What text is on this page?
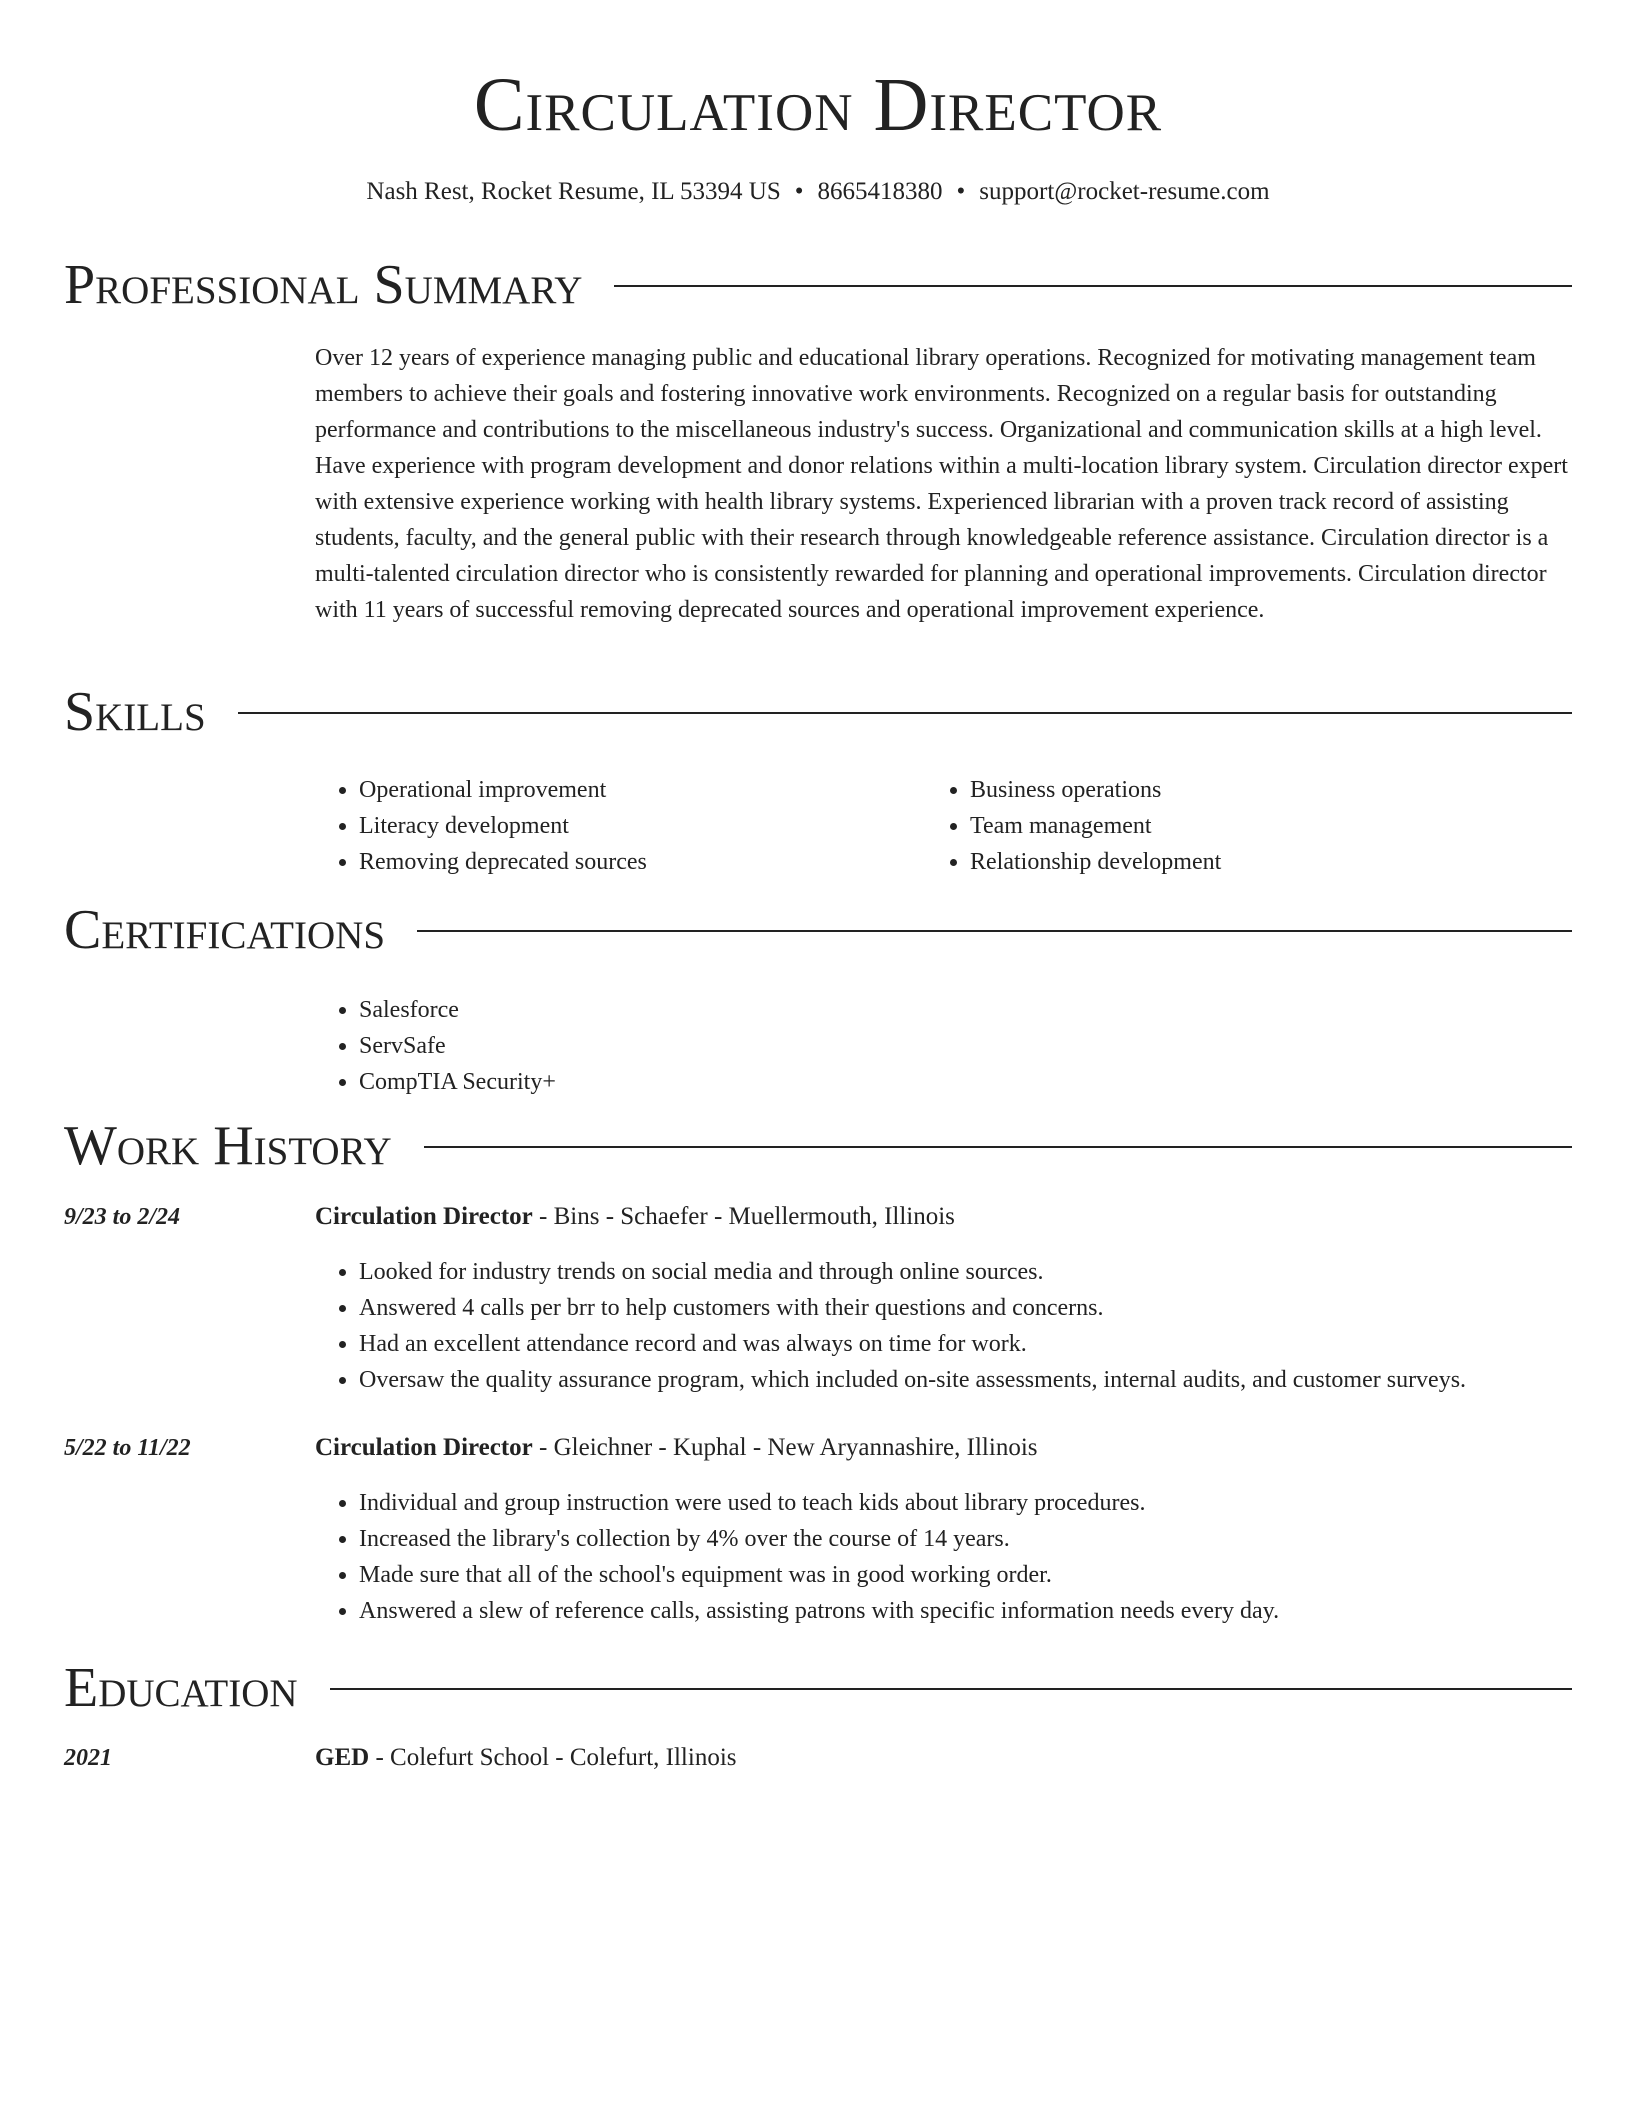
Circulation Director
Nash Rest, Rocket Resume, IL 53394 US • 8665418380 • support@rocket-resume.com
Professional Summary

Over 12 years of experience managing public and educational library operations. Recognized for motivating management team members to achieve their goals and fostering innovative work environments. Recognized on a regular basis for outstanding performance and contributions to the miscellaneous industry's success. Organizational and communication skills at a high level. Have experience with program development and donor relations within a multi-location library system. Circulation director expert with extensive experience working with health library systems. Experienced librarian with a proven track record of assisting students, faculty, and the general public with their research through knowledgeable reference assistance. Circulation director is a multi-talented circulation director who is consistently rewarded for planning and operational improvements. Circulation director with 11 years of successful removing deprecated sources and operational improvement experience.

Skills
• Operational improvement
• Literacy development
• Removing deprecated sources
• Business operations
• Team management
• Relationship development
Certifications
• Salesforce
• ServSafe
• CompTIA Security+
Work History
9/23 to 2/24	Circulation Director - Bins - Schaefer - Muellermouth, Illinois
• Looked for industry trends on social media and through online sources.
• Answered 4 calls per brr to help customers with their questions and concerns.
• Had an excellent attendance record and was always on time for work.
• Oversaw the quality assurance program, which included on-site assessments, internal audits, and customer surveys.
5/22 to 11/22	Circulation Director - Gleichner - Kuphal - New Aryannashire, Illinois
• Individual and group instruction were used to teach kids about library procedures.
• Increased the library's collection by 4% over the course of 14 years.
• Made sure that all of the school's equipment was in good working order.
• Answered a slew of reference calls, assisting patrons with specific information needs every day.
Education
2021	GED - Colefurt School - Colefurt, Illinois
